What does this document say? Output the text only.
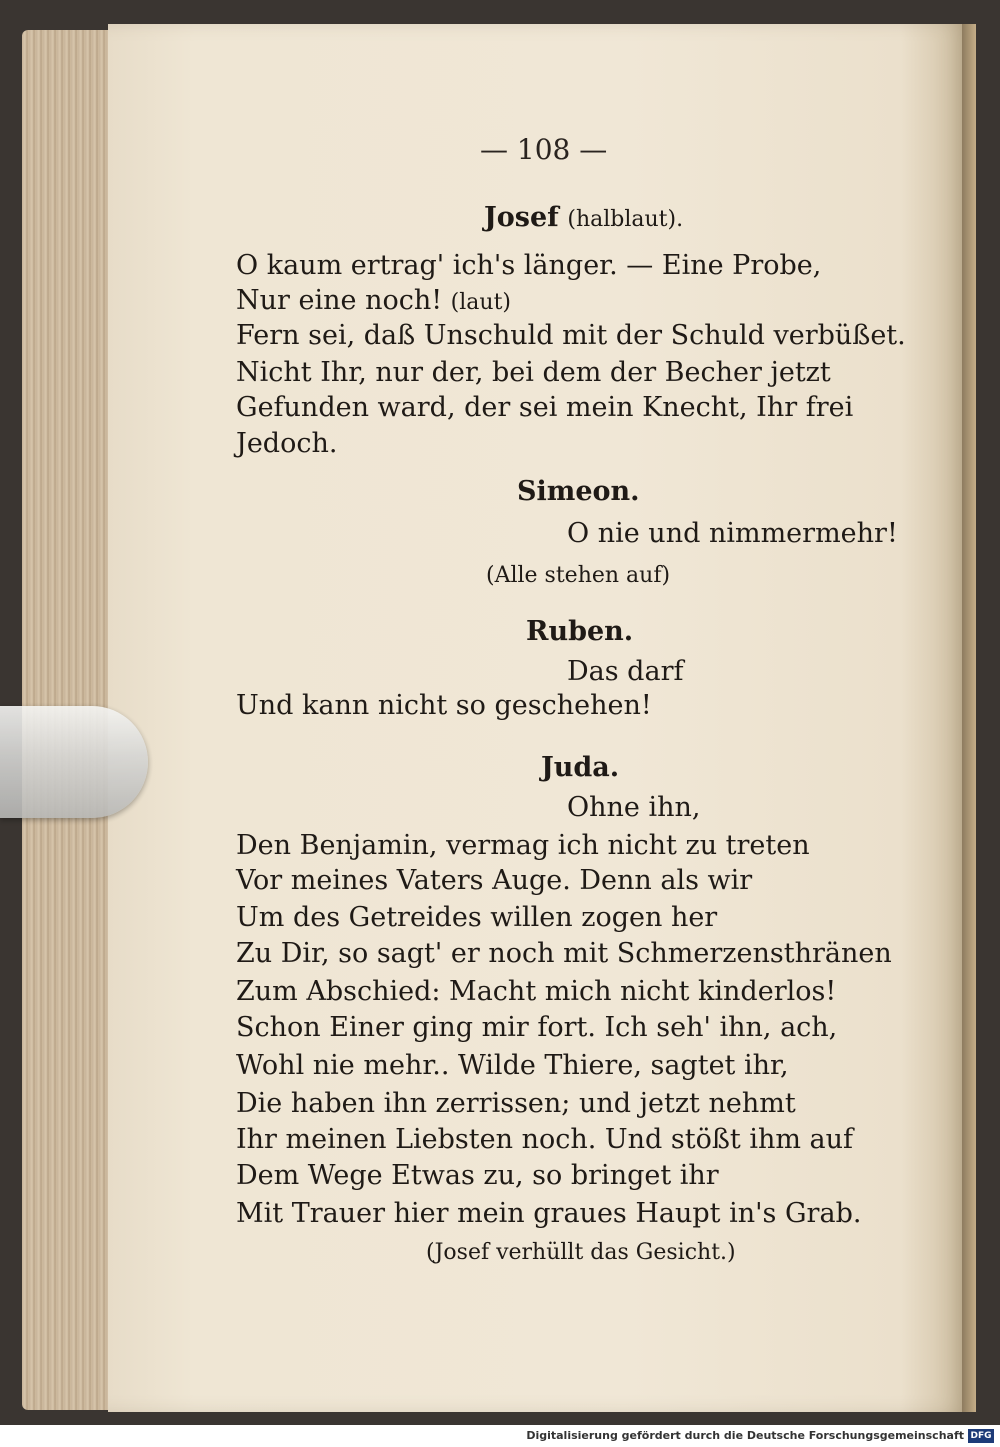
— 108 —
Josef (halblaut).
O kaum ertrag' ich's länger. — Eine Probe,
Nur eine noch! (laut)
Fern sei, daß Unschuld mit der Schuld verbüßet.
Nicht Ihr, nur der, bei dem der Becher jetzt
Gefunden ward, der sei mein Knecht, Ihr frei
Jedoch.
Simeon.
O nie und nimmermehr!
(Alle stehen auf)
Ruben.
Das darf
Und kann nicht so geschehen!
Juda.
Ohne ihn,
Den Benjamin, vermag ich nicht zu treten
Vor meines Vaters Auge. Denn als wir
Um des Getreides willen zogen her
Zu Dir, so sagt' er noch mit Schmerzensthränen
Zum Abschied: Macht mich nicht kinderlos!
Schon Einer ging mir fort. Ich seh' ihn, ach,
Wohl nie mehr.. Wilde Thiere, sagtet ihr,
Die haben ihn zerrissen; und jetzt nehmt
Ihr meinen Liebsten noch. Und stößt ihm auf
Dem Wege Etwas zu, so bringet ihr
Mit Trauer hier mein graues Haupt in's Grab.
(Josef verhüllt das Gesicht.)
Digitalisierung gefördert durch die Deutsche Forschungsgemeinschaft DFG
